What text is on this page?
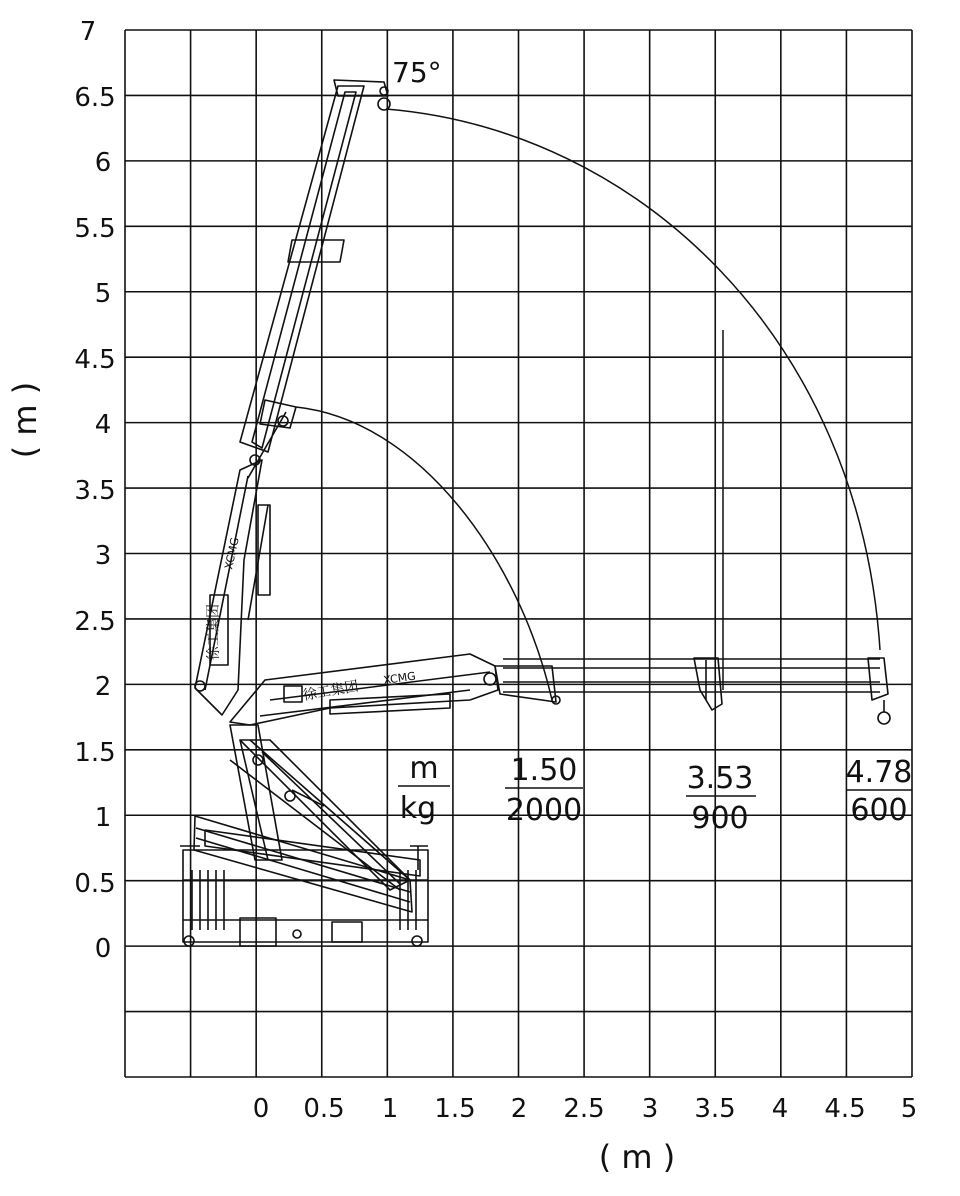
7
6.5
6
5.5
5
4.5
4
3.5
3
2.5
2
1.5
1
0.5
0
0 0.5 1 1.5 2 2.5 3 3.5 4 4.5 5
( m )
( m )
徐工集团
徐工集团
XCMG
XCMG
75°
m
kg
1.50
2000
3.53
900
4.78
600
